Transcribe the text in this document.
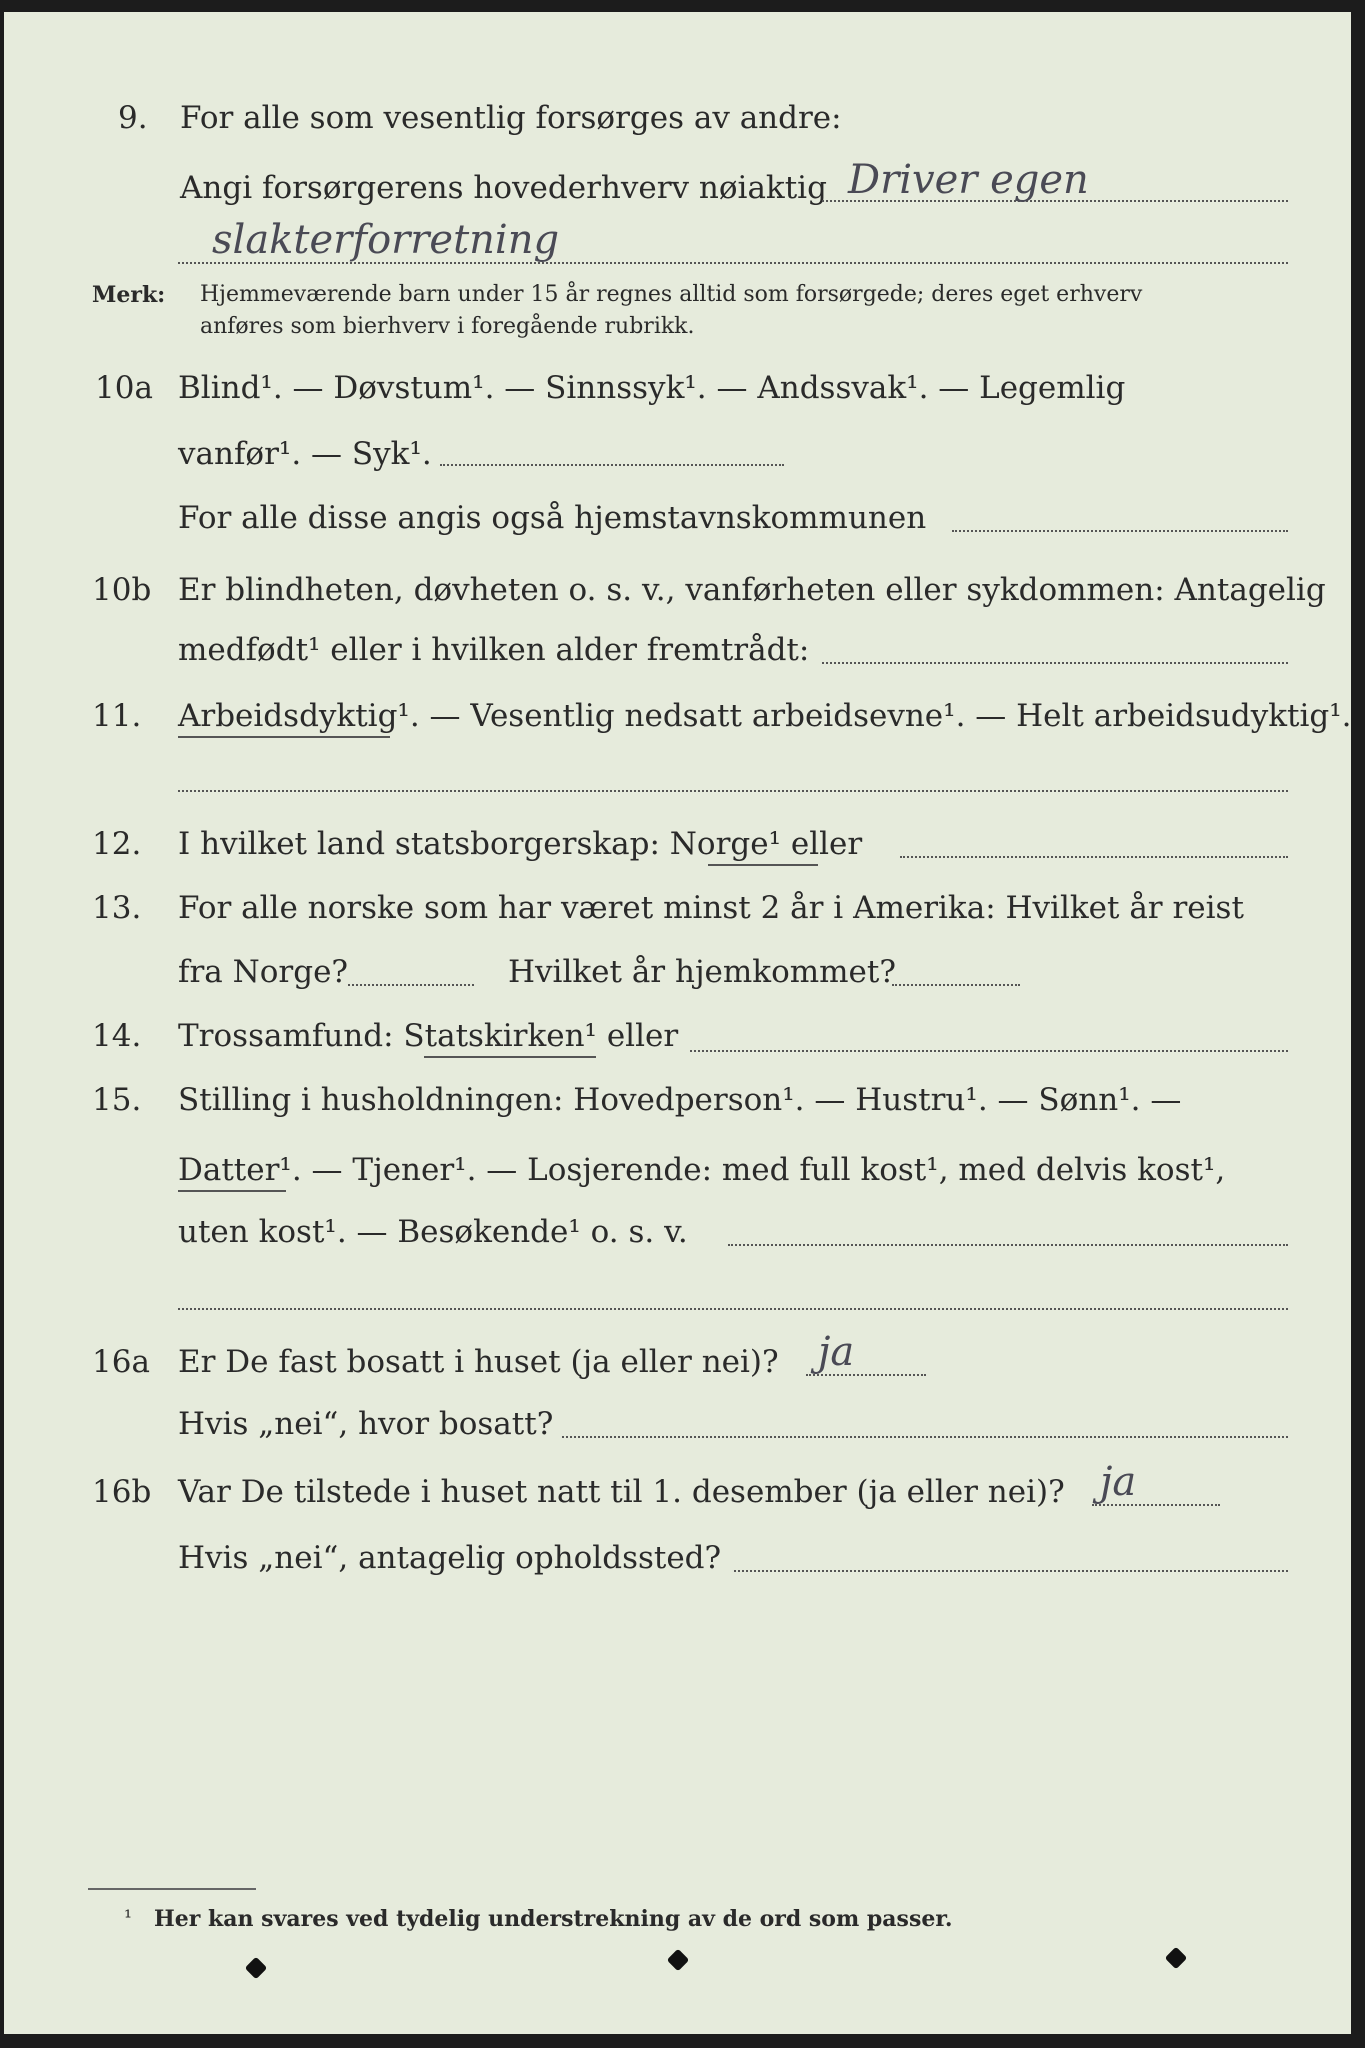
9. For alle som vesentlig forsørges av andre:
Angi forsørgerens hovederhverv nøiaktig Driver egen
slakterforretning
Merk: Hjemmeværende barn under 15 år regnes alltid som forsørgede; deres eget erhverv
anføres som bierhverv i foregående rubrikk.
10a Blind¹. — Døvstum¹. — Sinnssyk¹. — Andssvak¹. — Legemlig
vanfør¹. — Syk¹.
For alle disse angis også hjemstavnskommunen
10b Er blindheten, døvheten o. s. v., vanførheten eller sykdommen: Antagelig
medfødt¹ eller i hvilken alder fremtrådt:
11. Arbeidsdyktig¹. — Vesentlig nedsatt arbeidsevne¹. — Helt arbeidsudyktig¹.
12. I hvilket land statsborgerskap: Norge¹ eller
13. For alle norske som har været minst 2 år i Amerika: Hvilket år reist
fra Norge?	Hvilket år hjemkommet?
14. Trossamfund: Statskirken¹ eller
15. Stilling i husholdningen: Hovedperson¹. — Hustru¹. — Sønn¹. —
Datter¹. — Tjener¹. — Losjerende: med full kost¹, med delvis kost¹,
uten kost¹. — Besøkende¹ o. s. v.
16a Er De fast bosatt i huset (ja eller nei)? ja
Hvis „nei“, hvor bosatt?
16b Var De tilstede i huset natt til 1. desember (ja eller nei)? ja
Hvis „nei“, antagelig opholdssted?
¹ Her kan svares ved tydelig understrekning av de ord som passer.
